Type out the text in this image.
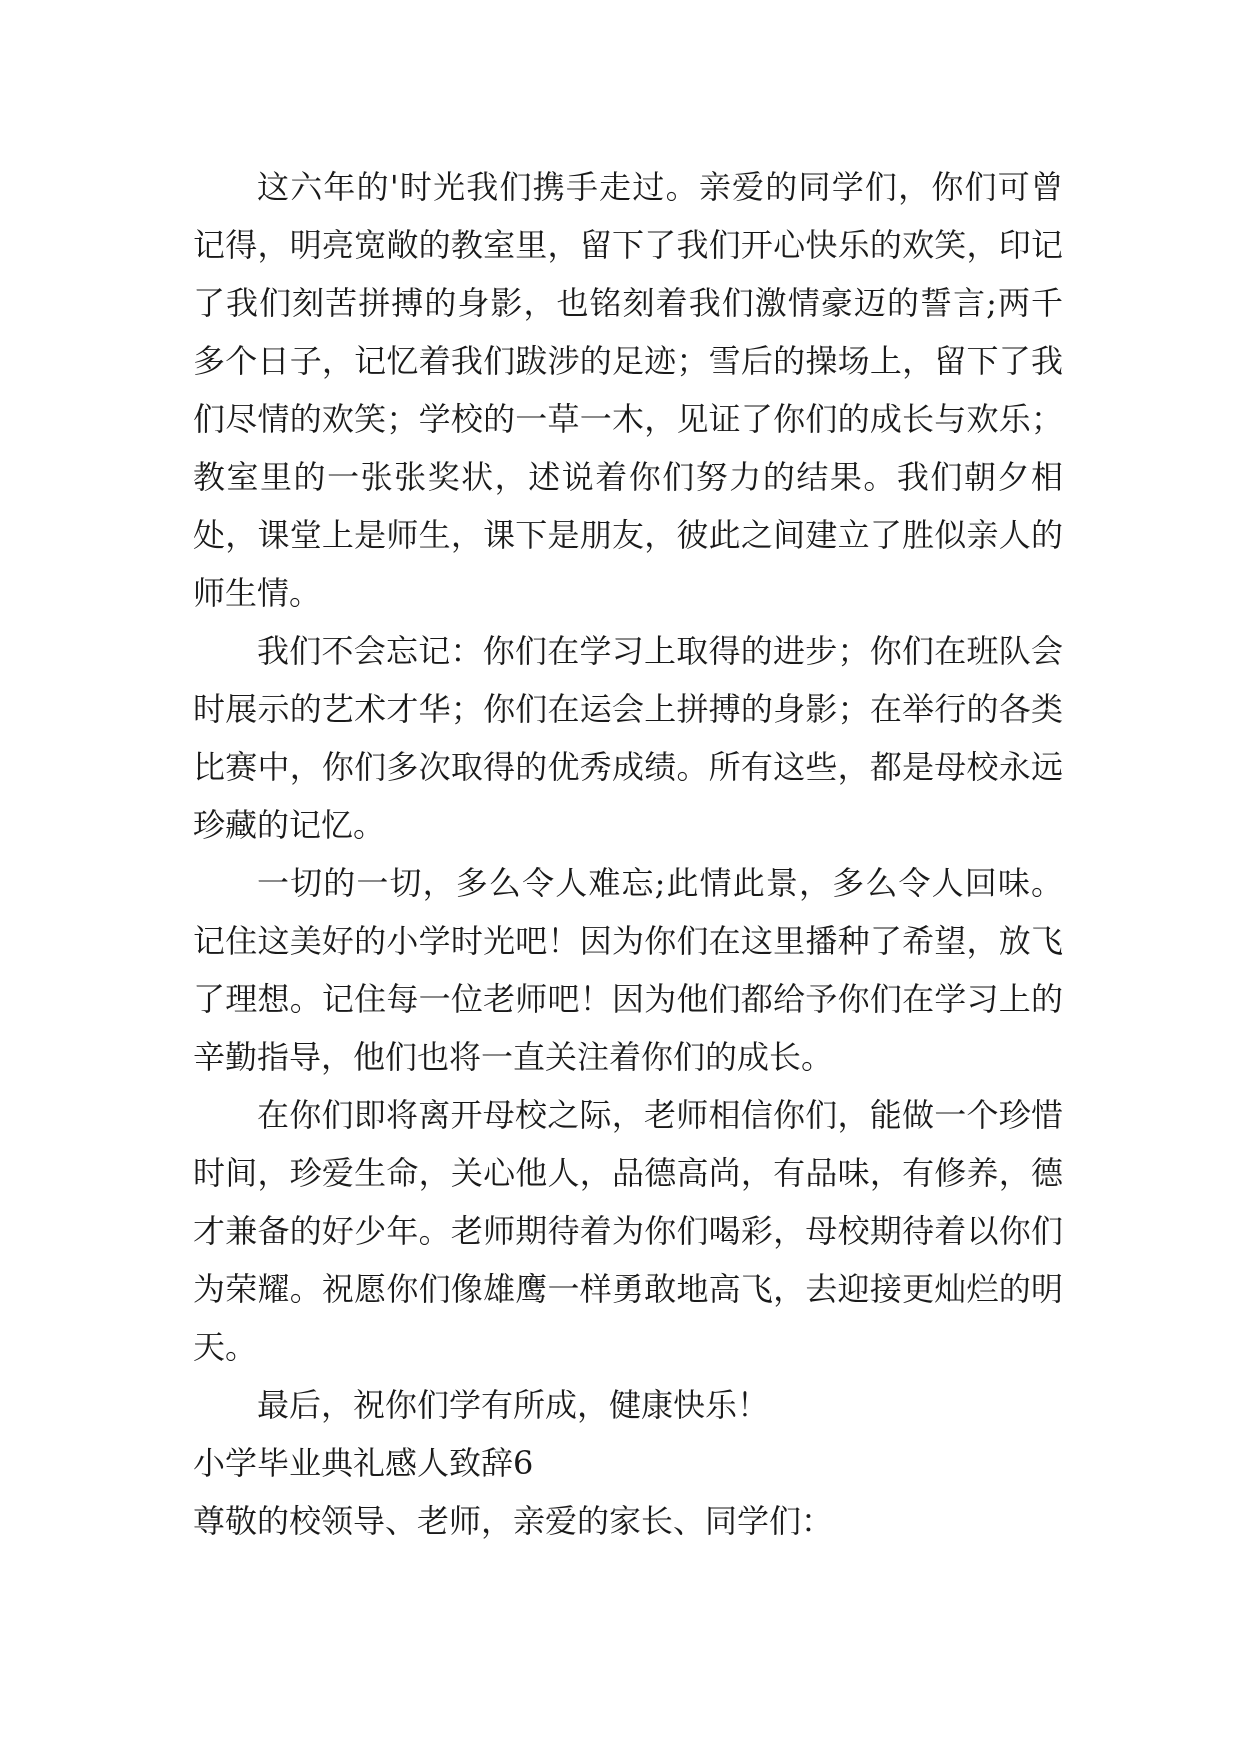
这六年的'时光我们携手走过。亲爱的同学们，你们可曾记得，明亮宽敞的教室里，留下了我们开心快乐的欢笑，印记了我们刻苦拼搏的身影，也铭刻着我们激情豪迈的誓言;两千多个日子，记忆着我们跋涉的足迹；雪后的操场上，留下了我们尽情的欢笑；学校的一草一木，见证了你们的成长与欢乐；教室里的一张张奖状，述说着你们努力的结果。我们朝夕相处，课堂上是师生，课下是朋友，彼此之间建立了胜似亲人的师生情。

我们不会忘记：你们在学习上取得的进步；你们在班队会时展示的艺术才华；你们在运会上拼搏的身影；在举行的各类比赛中，你们多次取得的优秀成绩。所有这些，都是母校永远珍藏的记忆。

一切的一切，多么令人难忘;此情此景，多么令人回味。记住这美好的小学时光吧！因为你们在这里播种了希望，放飞了理想。记住每一位老师吧！因为他们都给予你们在学习上的辛勤指导，他们也将一直关注着你们的成长。

在你们即将离开母校之际，老师相信你们，能做一个珍惜时间，珍爱生命，关心他人，品德高尚，有品味，有修养，德才兼备的好少年。老师期待着为你们喝彩，母校期待着以你们为荣耀。祝愿你们像雄鹰一样勇敢地高飞，去迎接更灿烂的明天。

最后，祝你们学有所成，健康快乐！

小学毕业典礼感人致辞6

尊敬的校领导、老师，亲爱的家长、同学们：
